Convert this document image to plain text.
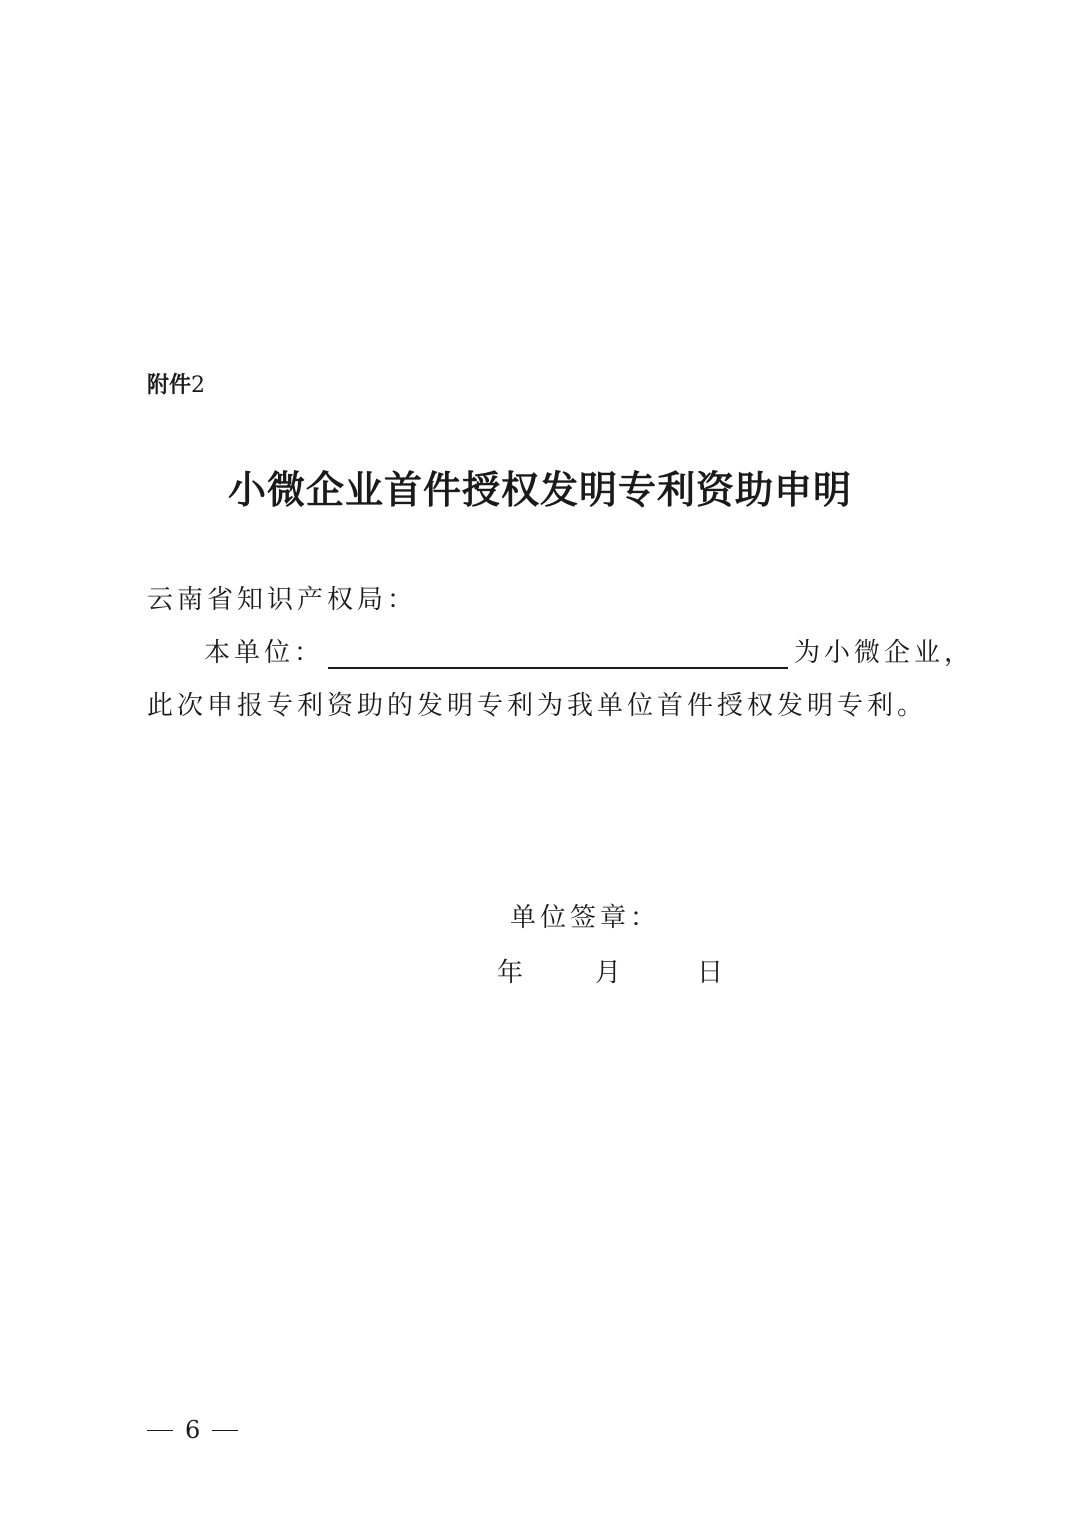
附件2
小微企业首件授权发明专利资助申明
云南省知识产权局：
本单位：	为小微企业，
此次申报专利资助的发明专利为我单位首件授权发明专利。
单位签章：
年	月	日
6
